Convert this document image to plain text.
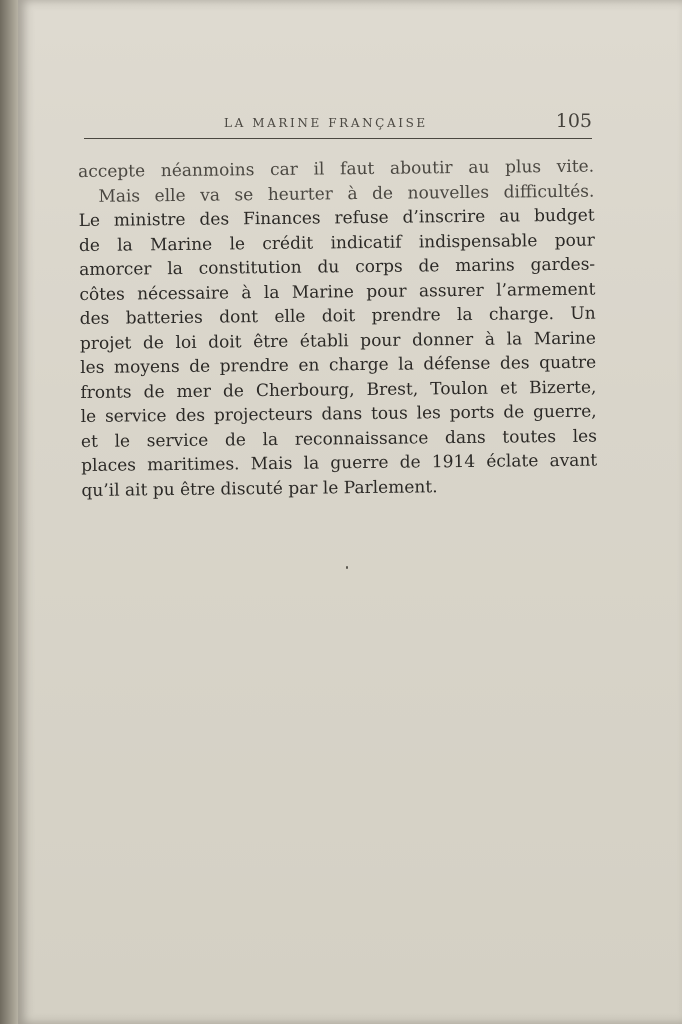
LA MARINE FRANÇAISE	105
accepte néanmoins car il faut aboutir au plus vite.
Mais elle va se heurter à de nouvelles difficultés.
Le ministre des Finances refuse d’inscrire au budget
de la Marine le crédit indicatif indispensable pour
amorcer la constitution du corps de marins gardes-
côtes nécessaire à la Marine pour assurer l’armement
des batteries dont elle doit prendre la charge. Un
projet de loi doit être établi pour donner à la Marine
les moyens de prendre en charge la défense des quatre
fronts de mer de Cherbourg, Brest, Toulon et Bizerte,
le service des projecteurs dans tous les ports de guerre,
et le service de la reconnaissance dans toutes les
places maritimes. Mais la guerre de 1914 éclate avant
qu’il ait pu être discuté par le Parlement.
